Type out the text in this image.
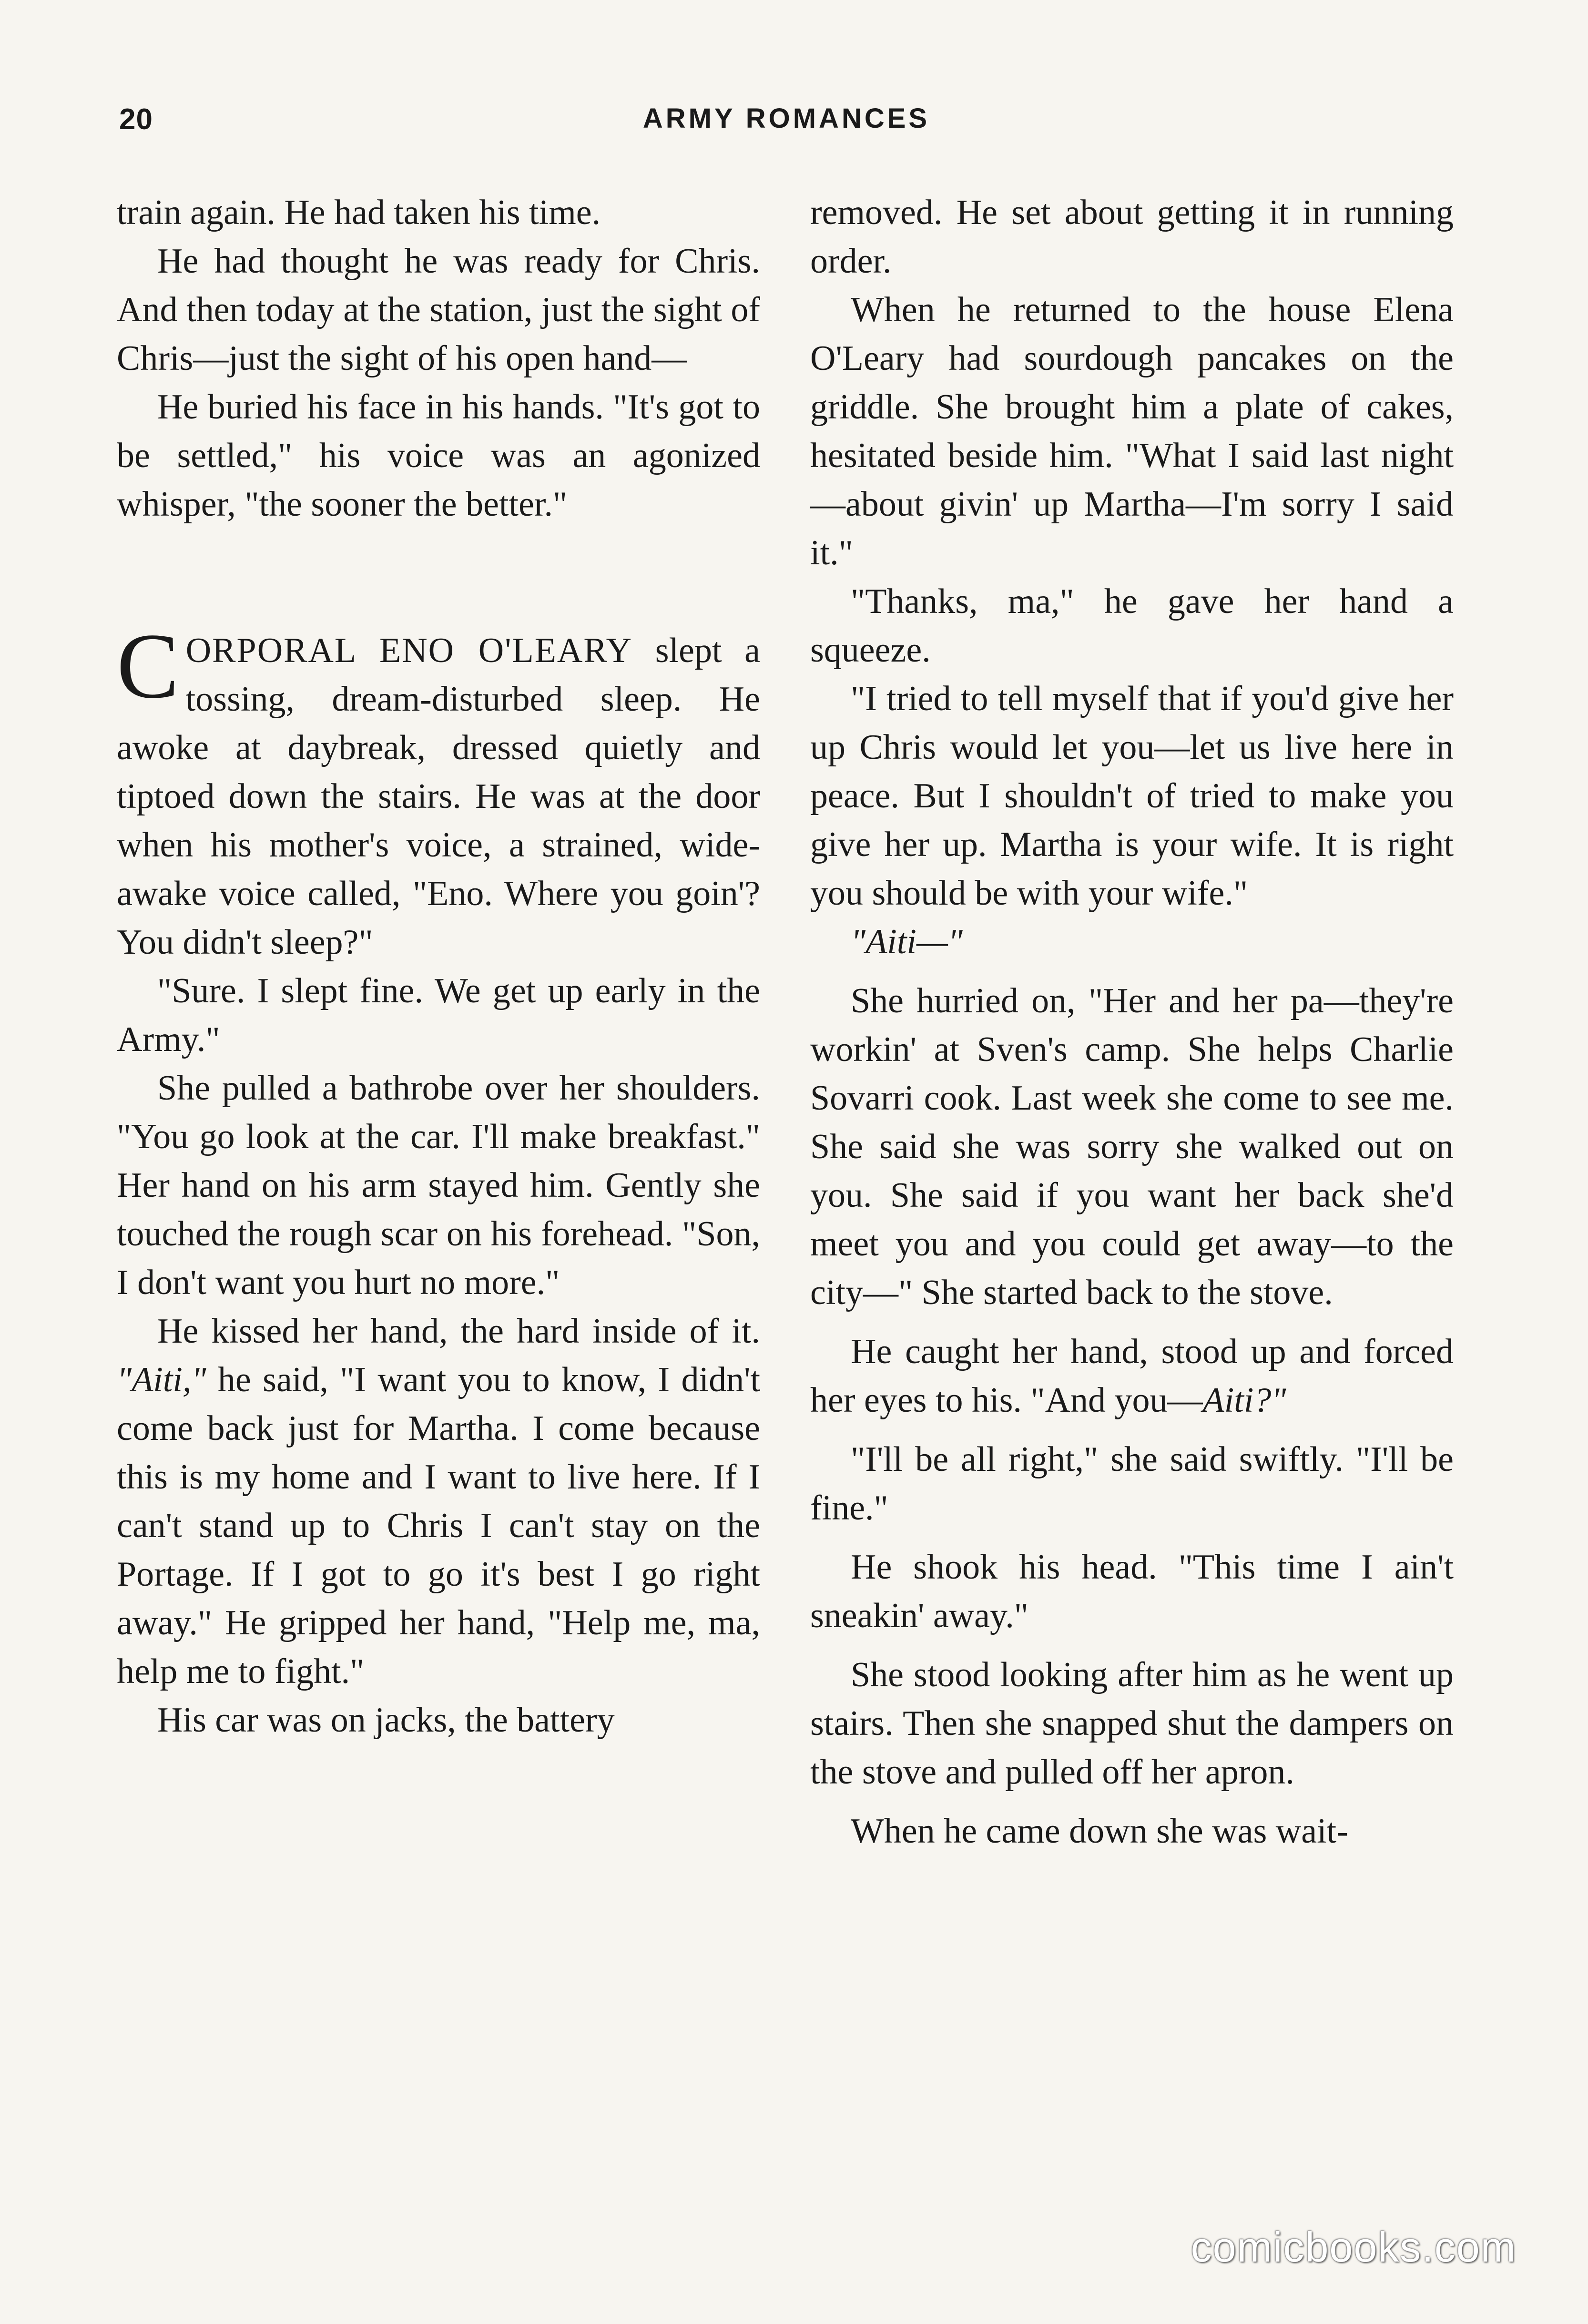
20	ARMY ROMANCES

train again. He had taken his time.

He had thought he was ready for Chris. And then today at the station, just the sight of Chris—just the sight of his open hand—

He buried his face in his hands. "It's got to be settled," his voice was an agonized whisper, "the sooner the better."

CORPORAL ENO O'LEARY slept a tossing, dream-disturbed sleep. He awoke at daybreak, dressed quietly and tiptoed down the stairs. He was at the door when his mother's voice, a strained, wide-awake voice called, "Eno. Where you goin'? You didn't sleep?"

"Sure. I slept fine. We get up early in the Army."

She pulled a bathrobe over her shoulders. "You go look at the car. I'll make breakfast." Her hand on his arm stayed him. Gently she touched the rough scar on his forehead. "Son, I don't want you hurt no more."

He kissed her hand, the hard inside of it. "Aiti," he said, "I want you to know, I didn't come back just for Martha. I come because this is my home and I want to live here. If I can't stand up to Chris I can't stay on the Portage. If I got to go it's best I go right away." He gripped her hand, "Help me, ma, help me to fight."

His car was on jacks, the battery

removed. He set about getting it in running order.

When he returned to the house Elena O'Leary had sourdough pancakes on the griddle. She brought him a plate of cakes, hesitated beside him. "What I said last night—about givin' up Martha—I'm sorry I said it."

"Thanks, ma," he gave her hand a squeeze.

"I tried to tell myself that if you'd give her up Chris would let you—let us live here in peace. But I shouldn't of tried to make you give her up. Martha is your wife. It is right you should be with your wife."

"Aiti—"

She hurried on, "Her and her pa—they're workin' at Sven's camp. She helps Charlie Sovarri cook. Last week she come to see me. She said she was sorry she walked out on you. She said if you want her back she'd meet you and you could get away—to the city—" She started back to the stove.

He caught her hand, stood up and forced her eyes to his. "And you—Aiti?"

"I'll be all right," she said swiftly. "I'll be fine."

He shook his head. "This time I ain't sneakin' away."

She stood looking after him as he went up stairs. Then she snapped shut the dampers on the stove and pulled off her apron.

When he came down she was wait-

comicbooks.com
